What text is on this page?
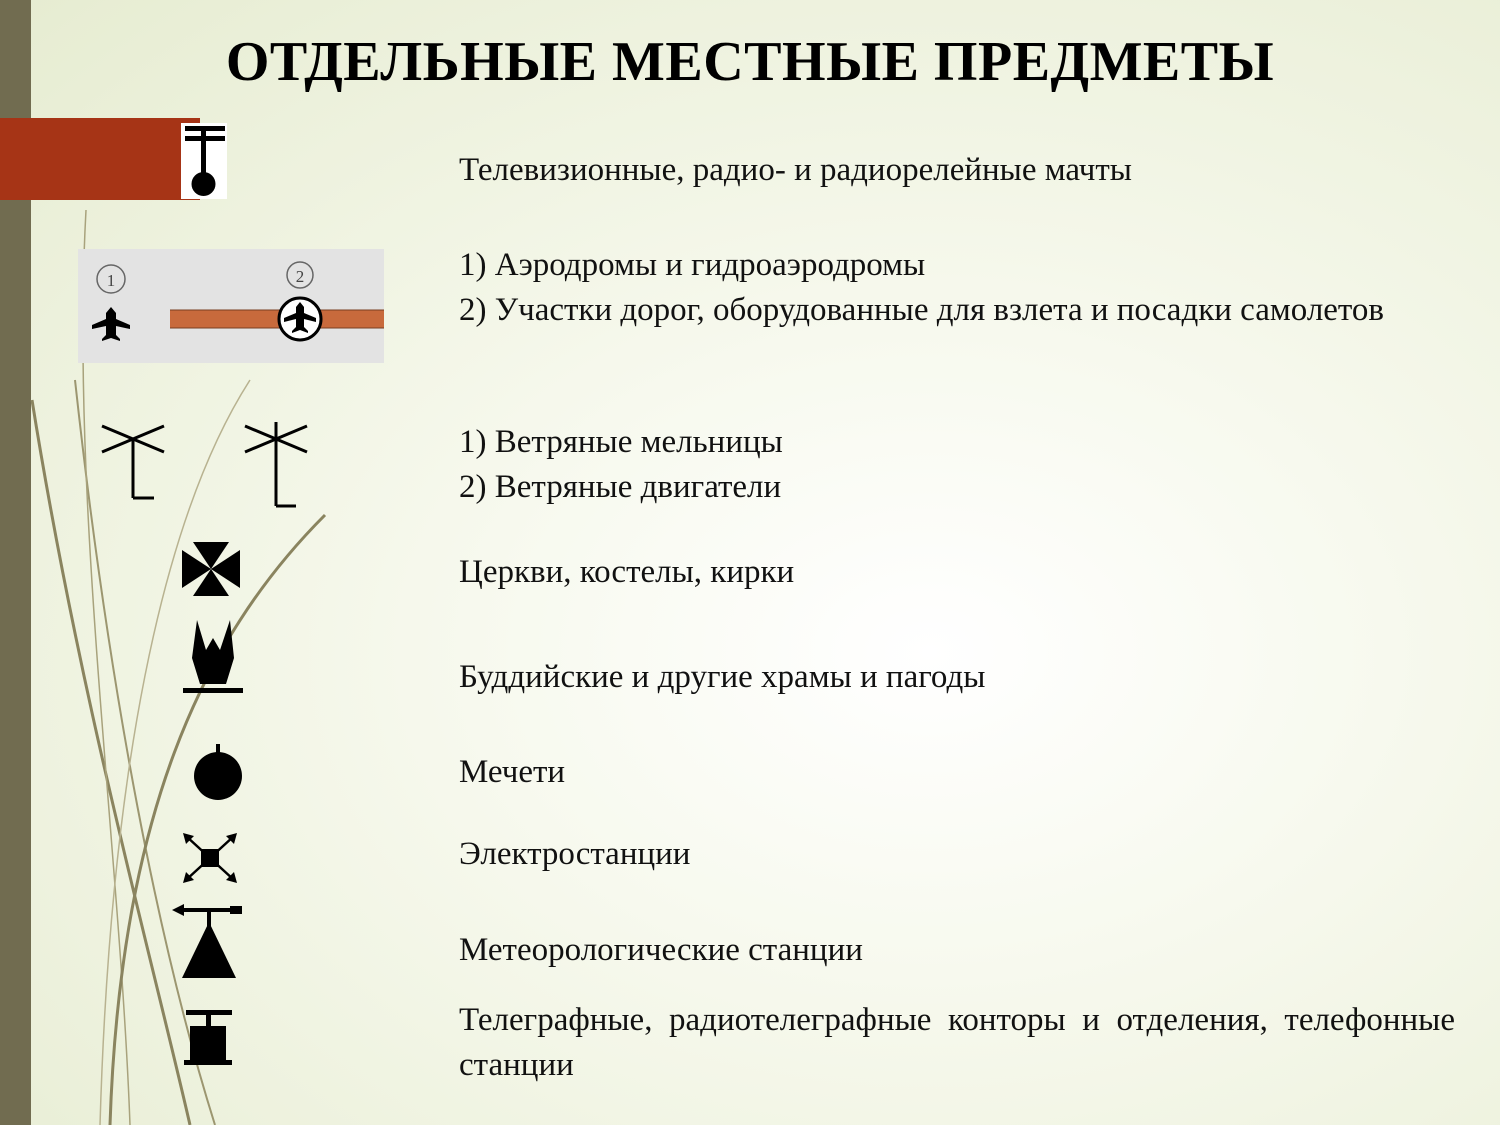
ОТДЕЛЬНЫЕ МЕСТНЫЕ ПРЕДМЕТЫ
Телевизионные, радио- и радиорелейные мачты
1	2	1) Аэродромы и гидроаэродромы
2) Участки дорог, оборудованные для взлета и посадки самолетов
1) Ветряные мельницы
2) Ветряные двигатели
Церкви, костелы, кирки
Буддийские и другие храмы и пагоды
Мечети
Электростанции
Метеорологические станции
Телеграфные, радиотелеграфные конторы и отделения, телефонные станции
